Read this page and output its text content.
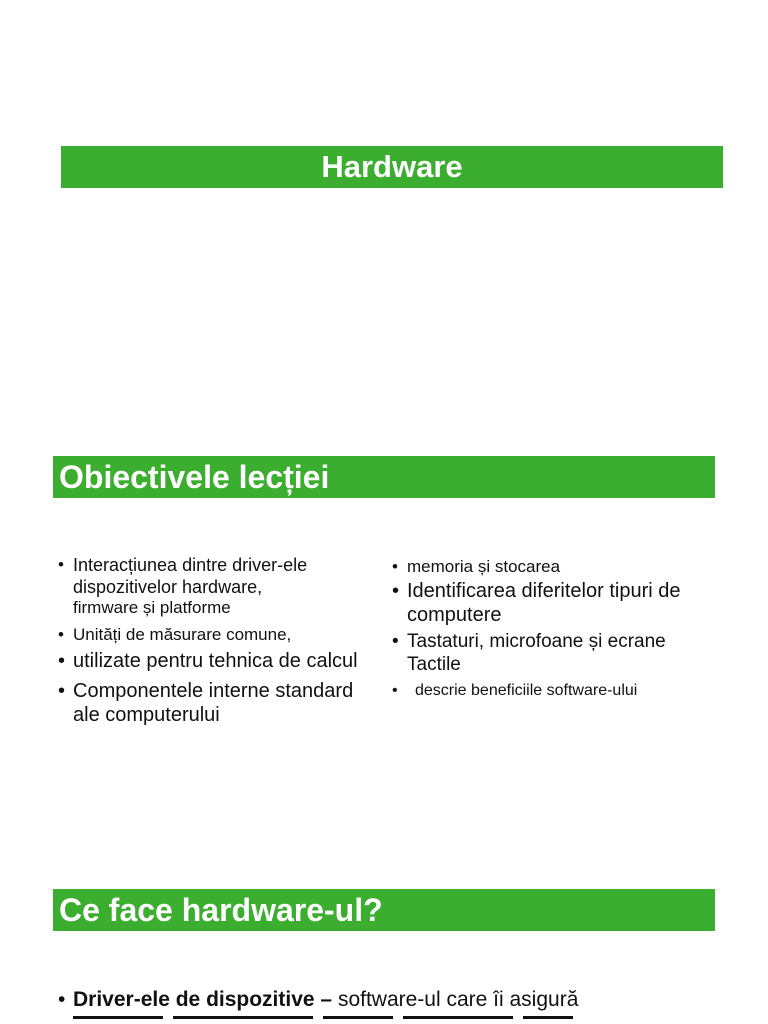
Hardware
Obiectivele lecției
• Interacțiunea dintre driver-ele dispozitivelor hardware,
firmware și platforme
• Unități de măsurare comune,
• utilizate pentru tehnica de calcul
• Componentele interne standard ale computerului
• memoria și stocarea
• Identificarea diferitelor tipuri de computere
• Tastaturi, microfoane și ecrane Tactile
• descrie beneficiile software-ului
Ce face hardware-ul?
• Driver-ele de dispozitive – software-ul care îi asigură
